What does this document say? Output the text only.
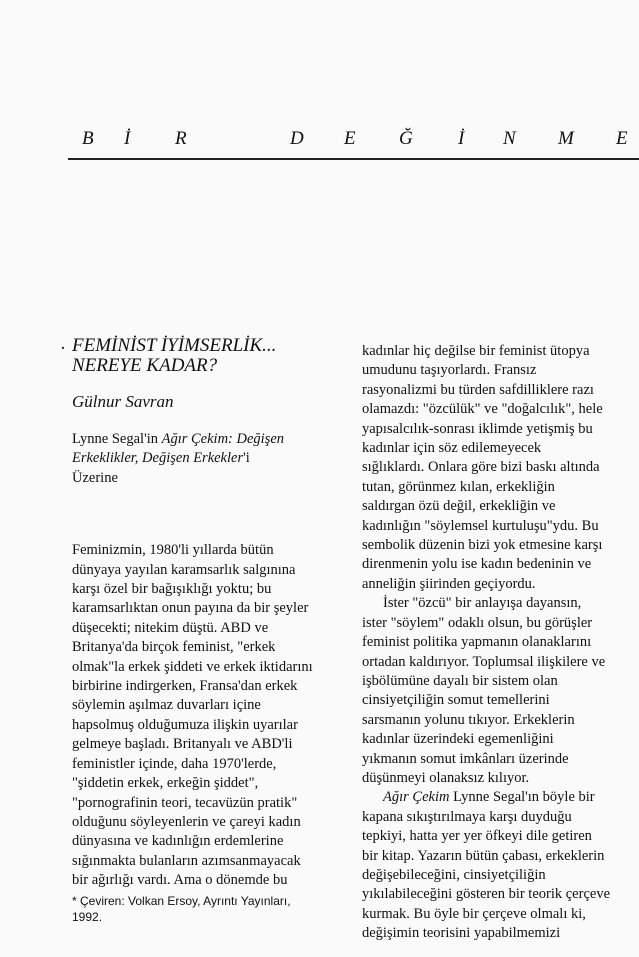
B İ R	D E Ğ İ N M E
. FEMİNİST İYİMSERLİK...
NEREYE KADAR?
Gülnur Savran
Lynne Segal'in Ağır Çekim: Değişen
Erkeklikler, Değişen Erkekler'i
Üzerine
Feminizmin, 1980'li yıllarda bütün
dünyaya yayılan karamsarlık salgınına
karşı özel bir bağışıklığı yoktu; bu
karamsarlıktan onun payına da bir şeyler
düşecekti; nitekim düştü. ABD ve
Britanya'da birçok feminist, "erkek
olmak"la erkek şiddeti ve erkek iktidarını
birbirine indirgerken, Fransa'dan erkek
söylemin aşılmaz duvarları içine
hapsolmuş olduğumuza ilişkin uyarılar
gelmeye başladı. Britanyalı ve ABD'li
feministler içinde, daha 1970'lerde,
"şiddetin erkek, erkeğin şiddet",
"pornografinin teori, tecavüzün pratik"
olduğunu söyleyenlerin ve çareyi kadın
dünyasına ve kadınlığın erdemlerine
sığınmakta bulanların azımsanmayacak
bir ağırlığı vardı. Ama o dönemde bu
* Çeviren: Volkan Ersoy, Ayrıntı Yayınları,
1992.
kadınlar hiç değilse bir feminist ütopya
umudunu taşıyorlardı. Fransız
rasyonalizmi bu türden safdilliklere razı
olamazdı: "özcülük" ve "doğalcılık", hele
yapısalcılık-sonrası iklimde yetişmiş bu
kadınlar için söz edilemeyecek
sığlıklardı. Onlara göre bizi baskı altında
tutan, görünmez kılan, erkekliğin
saldırgan özü değil, erkekliğin ve
kadınlığın "söylemsel kurtuluşu"ydu. Bu
sembolik düzenin bizi yok etmesine karşı
direnmenin yolu ise kadın bedeninin ve
anneliğin şiirinden geçiyordu.
İster "özcü" bir anlayışa dayansın,
ister "söylem" odaklı olsun, bu görüşler
feminist politika yapmanın olanaklarını
ortadan kaldırıyor. Toplumsal ilişkilere ve
işbölümüne dayalı bir sistem olan
cinsiyetçiliğin somut temellerini
sarsmanın yolunu tıkıyor. Erkeklerin
kadınlar üzerindeki egemenliğini
yıkmanın somut imkânları üzerinde
düşünmeyi olanaksız kılıyor.
Ağır Çekim Lynne Segal'ın böyle bir
kapana sıkıştırılmaya karşı duyduğu
tepkiyi, hatta yer yer öfkeyi dile getiren
bir kitap. Yazarın bütün çabası, erkeklerin
değişebileceğini, cinsiyetçiliğin
yıkılabileceğini gösteren bir teorik çerçeve
kurmak. Bu öyle bir çerçeve olmalı ki,
değişimin teorisini yapabilmemizi
